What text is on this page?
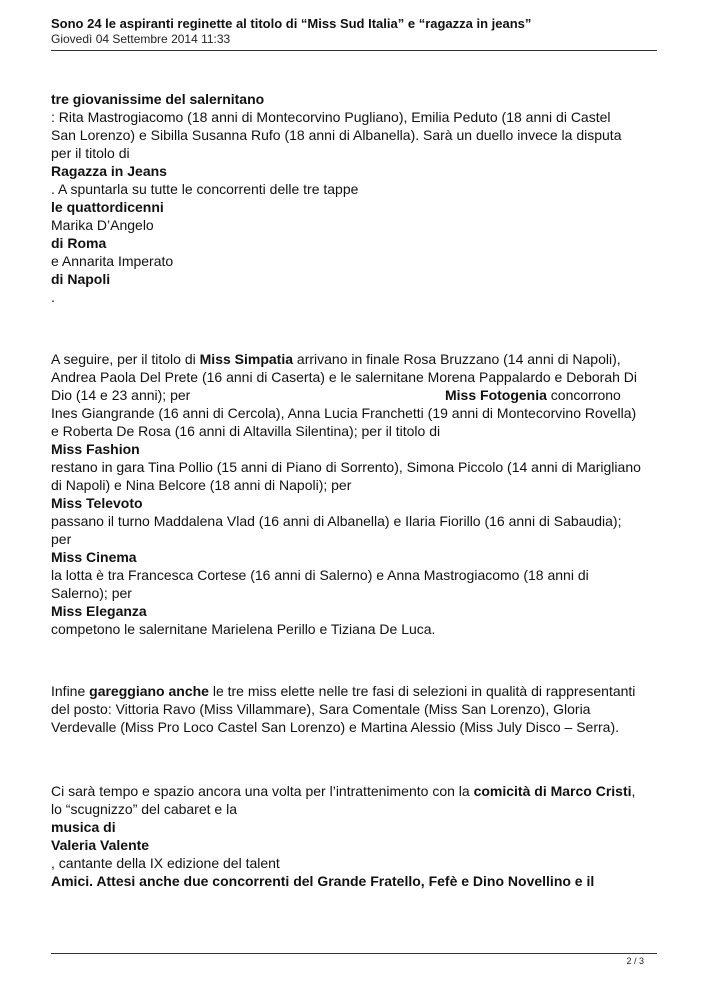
Sono 24 le aspiranti reginette al titolo di “Miss Sud Italia” e “ragazza in jeans”
Giovedì 04 Settembre 2014 11:33
tre giovanissime del salernitano
: Rita Mastrogiacomo (18 anni di Montecorvino Pugliano), Emilia Peduto (18 anni di Castel
San Lorenzo) e Sibilla Susanna Rufo (18 anni di Albanella). Sarà un duello invece la disputa
per il titolo di
Ragazza in Jeans
. A spuntarla su tutte le concorrenti delle tre tappe
le quattordicenni
Marika D’Angelo
di Roma
e Annarita Imperato
di Napoli
.
A seguire, per il titolo di Miss Simpatia arrivano in finale Rosa Bruzzano (14 anni di Napoli),
Andrea Paola Del Prete (16 anni di Caserta) e le salernitane Morena Pappalardo e Deborah Di
Dio (14 e 23 anni); per	Miss Fotogenia concorrono
Ines Giangrande (16 anni di Cercola), Anna Lucia Franchetti (19 anni di Montecorvino Rovella)
e Roberta De Rosa (16 anni di Altavilla Silentina); per il titolo di
Miss Fashion
restano in gara Tina Pollio (15 anni di Piano di Sorrento), Simona Piccolo (14 anni di Marigliano
di Napoli) e Nina Belcore (18 anni di Napoli); per
Miss Televoto
passano il turno Maddalena Vlad (16 anni di Albanella) e Ilaria Fiorillo (16 anni di Sabaudia);
per
Miss Cinema
la lotta è tra Francesca Cortese (16 anni di Salerno) e Anna Mastrogiacomo (18 anni di
Salerno); per
Miss Eleganza
competono le salernitane Marielena Perillo e Tiziana De Luca.
Infine gareggiano anche le tre miss elette nelle tre fasi di selezioni in qualità di rappresentanti
del posto: Vittoria Ravo (Miss Villammare), Sara Comentale (Miss San Lorenzo), Gloria
Verdevalle (Miss Pro Loco Castel San Lorenzo) e Martina Alessio (Miss July Disco – Serra).
Ci sarà tempo e spazio ancora una volta per l’intrattenimento con la comicità di Marco Cristi,
lo “scugnizzo” del cabaret e la
musica di
Valeria Valente
, cantante della IX edizione del talent
Amici. Attesi anche due concorrenti del Grande Fratello, Fefè e Dino Novellino e il
2 / 3
